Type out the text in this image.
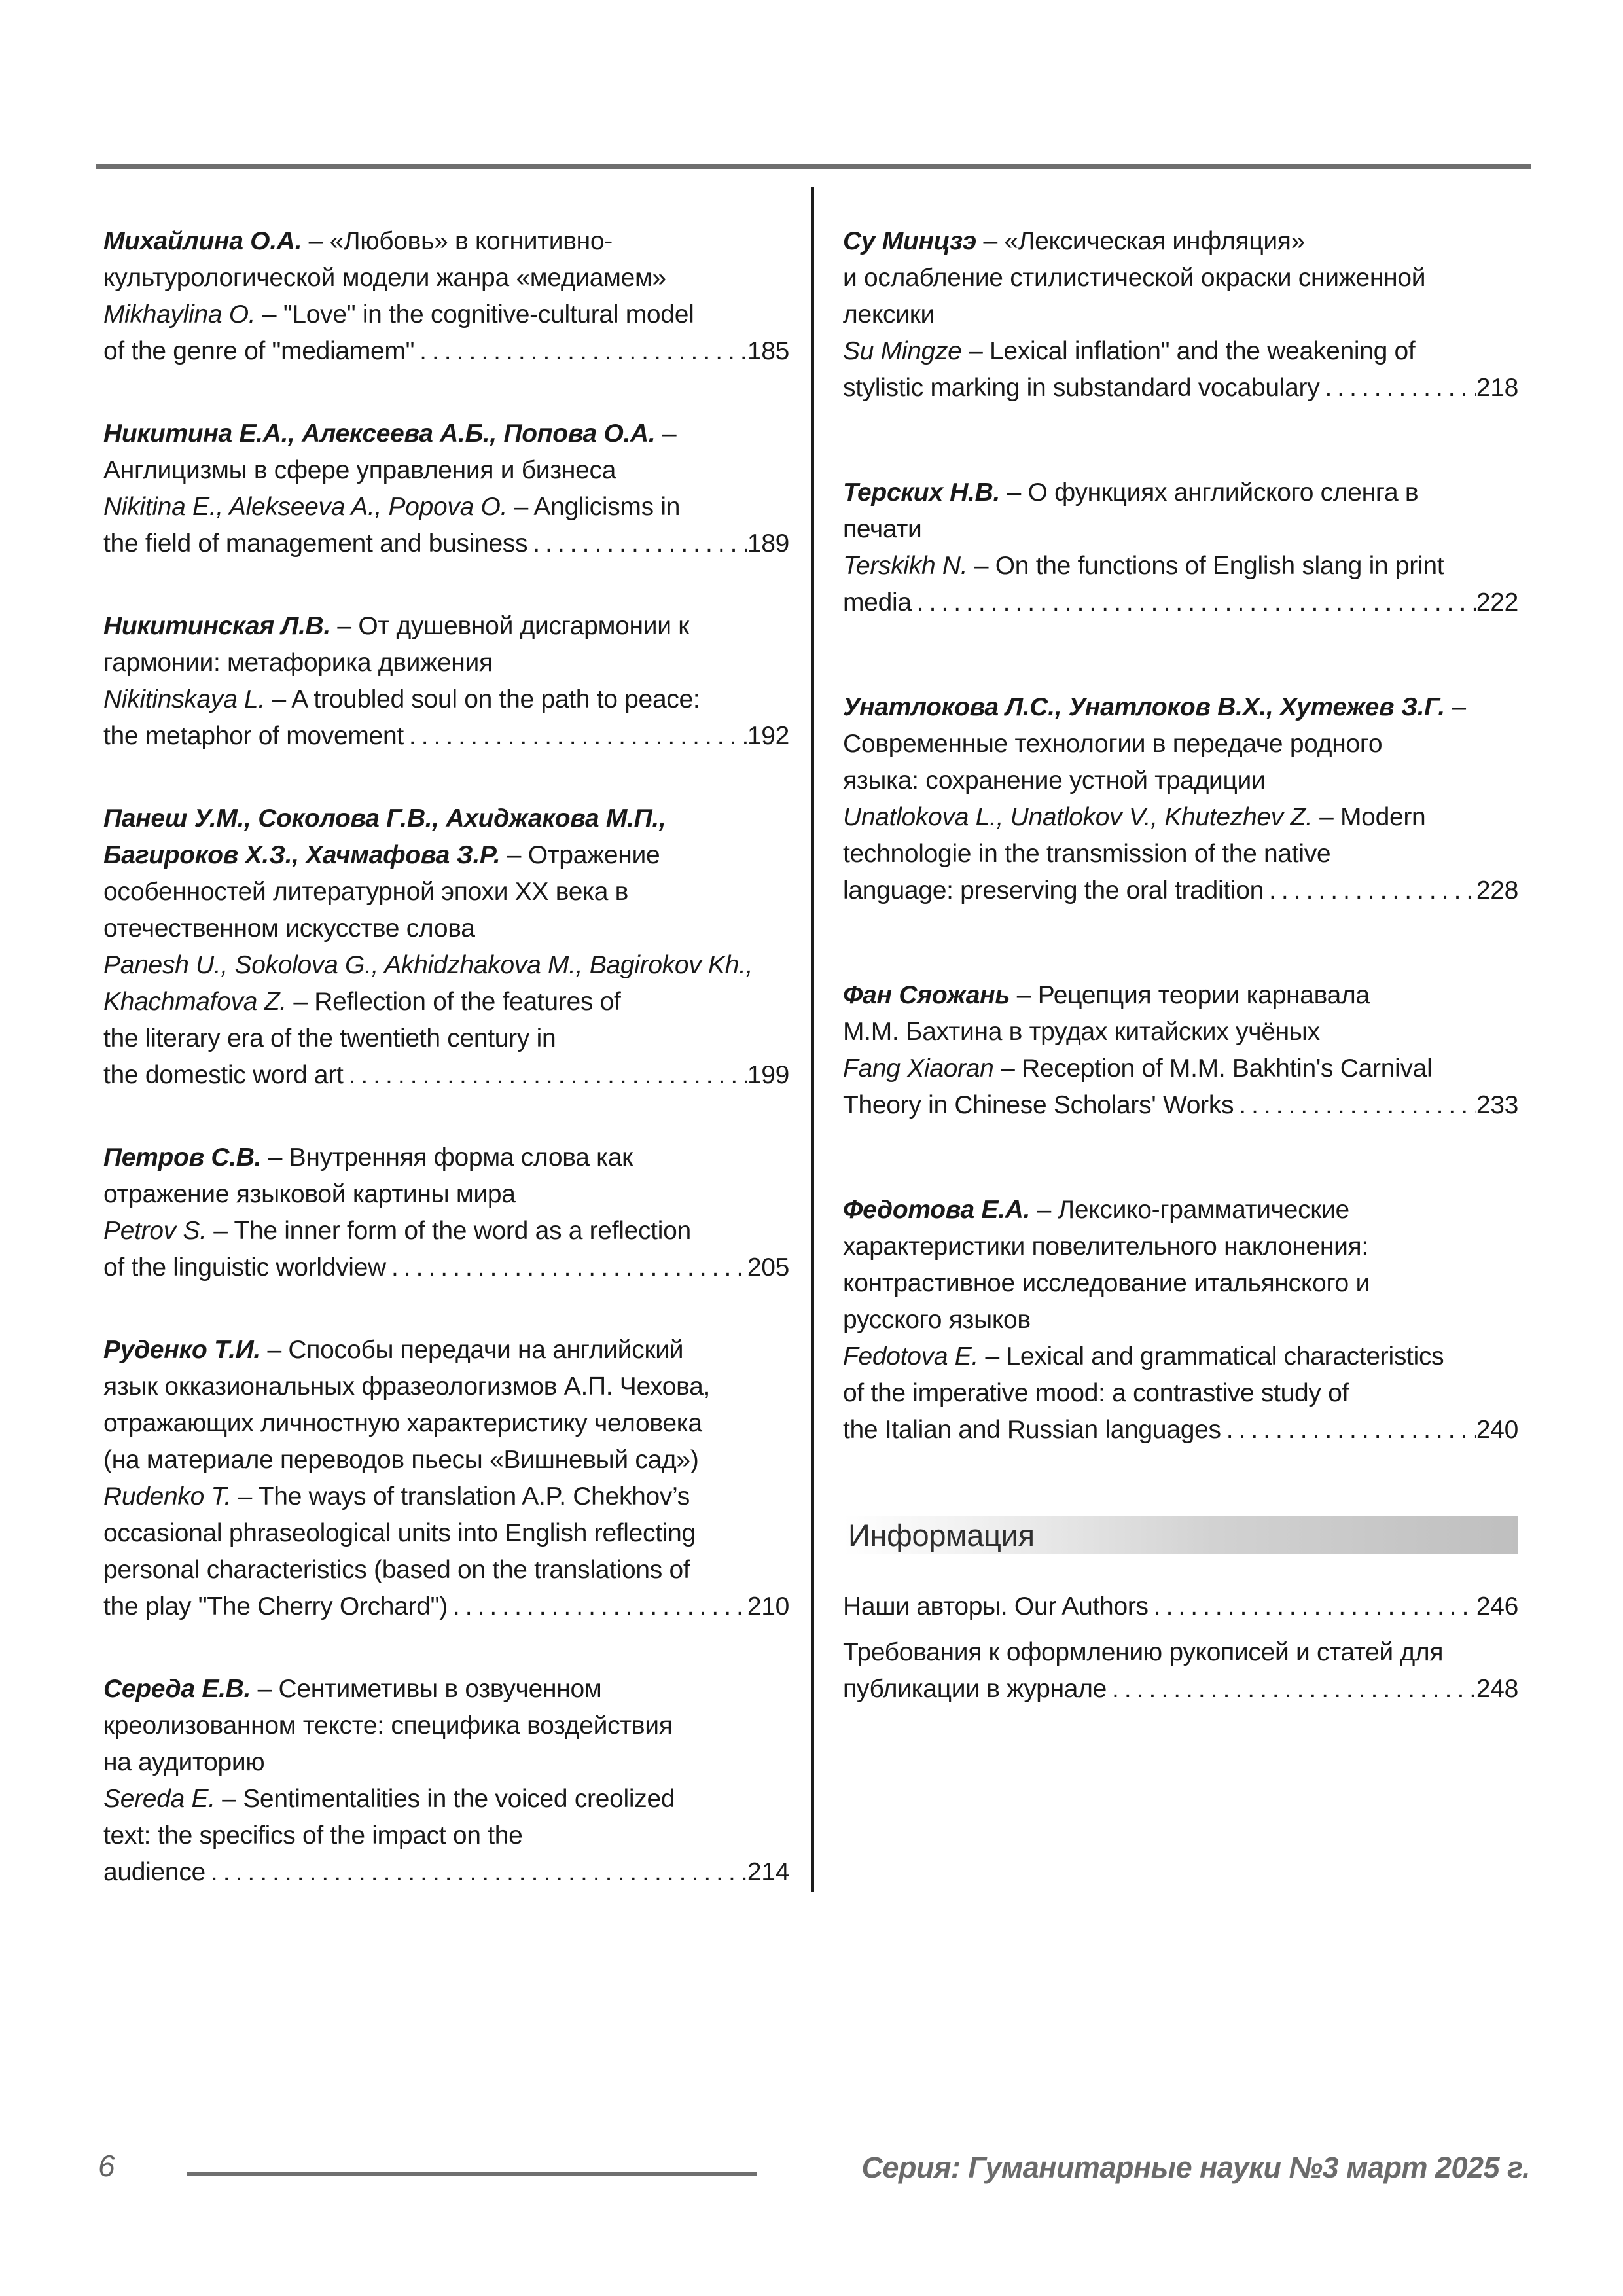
Михайлина О.А. – «Любовь» в когнитивно-
культурологической модели жанра «медиамем»
Mikhaylina O. – "Love" in the cognitive-cultural model
of the genre of "mediamem" .....	185
Никитина Е.А., Алексеева А.Б., Попова О.А. –
Англицизмы в сфере управления и бизнеса
Nikitina E., Alekseeva A., Popova O. – Anglicisms in
the field of management and business .....	189
Никитинская Л.В. – От душевной дисгармонии к
гармонии: метафорика движения
Nikitinskaya L. – A troubled soul on the path to peace:
the metaphor of movement .....	192
Панеш У.М., Соколова Г.В., Ахиджакова М.П.,
Багироков Х.З., Хачмафова З.Р. – Отражение
особенностей литературной эпохи XX века в
отечественном искусстве слова
Panesh U., Sokolova G., Akhidzhakova M., Bagirokov Kh.,
Khachmafova Z. – Reflection of the features of
the literary era of the twentieth century in
the domestic word art .....	199
Петров С.В. – Внутренняя форма слова как
отражение языковой картины мира
Petrov S. – The inner form of the word as a reflection
of the linguistic worldview .....	205
Руденко Т.И. – Способы передачи на английский
язык окказиональных фразеологизмов А.П. Чехова,
отражающих личностную характеристику человека
(на материале переводов пьесы «Вишневый сад»)
Rudenko T. – The ways of translation A.P. Chekhov’s
occasional phraseological units into English reflecting
personal characteristics (based on the translations of
the play "The Cherry Orchard") .....	210
Середа Е.В. – Сентиметивы в озвученном
креолизованном тексте: специфика воздействия
на аудиторию
Sereda E. – Sentimentalities in the voiced creolized
text: the specifics of the impact on the
audience .....	214
Су Минцзэ – «Лексическая инфляция»
и ослабление стилистической окраски сниженной
лексики
Su Mingze – Lexical inflation" and the weakening of
stylistic marking in substandard vocabulary .....	218
Терских Н.В. – О функциях английского сленга в
печати
Terskikh N. – On the functions of English slang in print
media .....	222
Унатлокова Л.С., Унатлоков В.Х., Хутежев З.Г. –
Современные технологии в передаче родного
языка: сохранение устной традиции
Unatlokova L., Unatlokov V., Khutezhev Z. – Modern
technologie in the transmission of the native
language: preserving the oral tradition .....	228
Фан Сяожань – Рецепция теории карнавала
М.М. Бахтина в трудах китайских учёных
Fang Xiaoran – Reception of M.M. Bakhtin's Carnival
Theory in Chinese Scholars' Works .....	233
Федотова Е.А. – Лексико-грамматические
характеристики повелительного наклонения:
контрастивное исследование итальянского и
русского языков
Fedotova E. – Lexical and grammatical characteristics
of the imperative mood: a contrastive study of
the Italian and Russian languages .....	240
Информация
Наши авторы. Our Authors .....	246
Требования к оформлению рукописей и статей для
публикации в журнале .....	248
6	Серия: Гуманитарные науки №3 март 2025 г.
